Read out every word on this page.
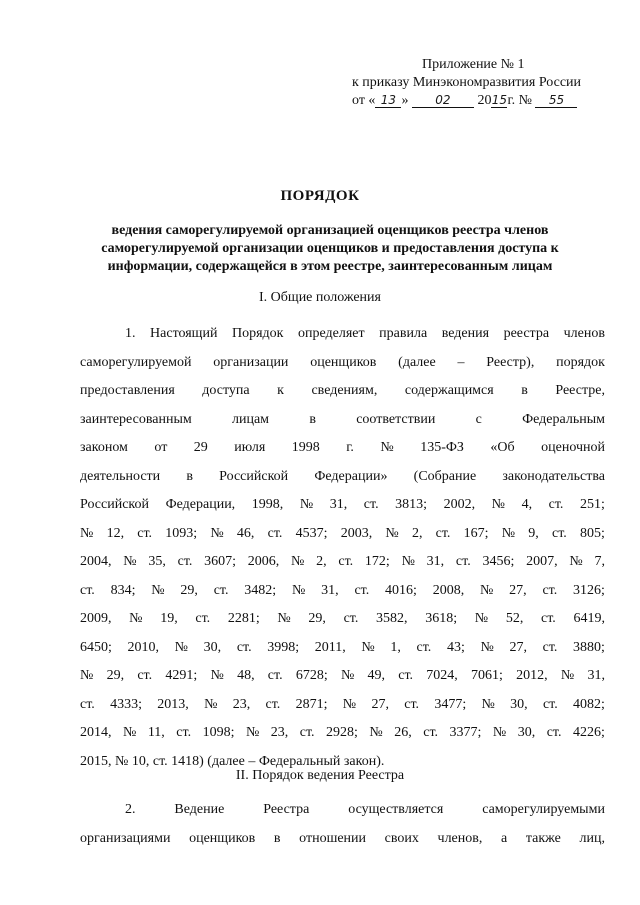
Приложение № 1
к приказу Минэкономразвития России
от « 13 » 02 2015г. № 55
ПОРЯДОК
ведения саморегулируемой организацией оценщиков реестра членов саморегулируемой организации оценщиков и предоставления доступа к информации, содержащейся в этом реестре, заинтересованным лицам
I. Общие положения
1. Настоящий Порядок определяет правила ведения реестра членов
саморегулируемой организации оценщиков (далее – Реестр), порядок
предоставления доступа к сведениям, содержащимся в Реестре,
заинтересованным	лицам	в	соответствии	с	Федеральным
законом от 29 июля 1998 г. № 135-ФЗ «Об оценочной
деятельности в Российской Федерации» (Собрание законодательства
Российской Федерации, 1998, № 31, ст. 3813; 2002, № 4, ст. 251;
№ 12, ст. 1093; № 46, ст. 4537; 2003, № 2, ст. 167; № 9, ст. 805;
2004, № 35, ст. 3607; 2006, № 2, ст. 172; № 31, ст. 3456; 2007, № 7,
ст. 834; № 29, ст. 3482; № 31, ст. 4016; 2008, № 27, ст. 3126;
2009, № 19, ст. 2281; № 29, ст. 3582, 3618; № 52, ст. 6419,
6450; 2010, № 30, ст. 3998; 2011, № 1, ст. 43; № 27, ст. 3880;
№ 29, ст. 4291; № 48, ст. 6728; № 49, ст. 7024, 7061; 2012, № 31,
ст. 4333; 2013, № 23, ст. 2871; № 27, ст. 3477; № 30, ст. 4082;
2014, № 11, ст. 1098; № 23, ст. 2928; № 26, ст. 3377; № 30, ст. 4226;
2015, № 10, ст. 1418) (далее – Федеральный закон).
II. Порядок ведения Реестра
2.	Ведение	Реестра	осуществляется	саморегулируемыми
организациями оценщиков в отношении своих членов, а также лиц,
